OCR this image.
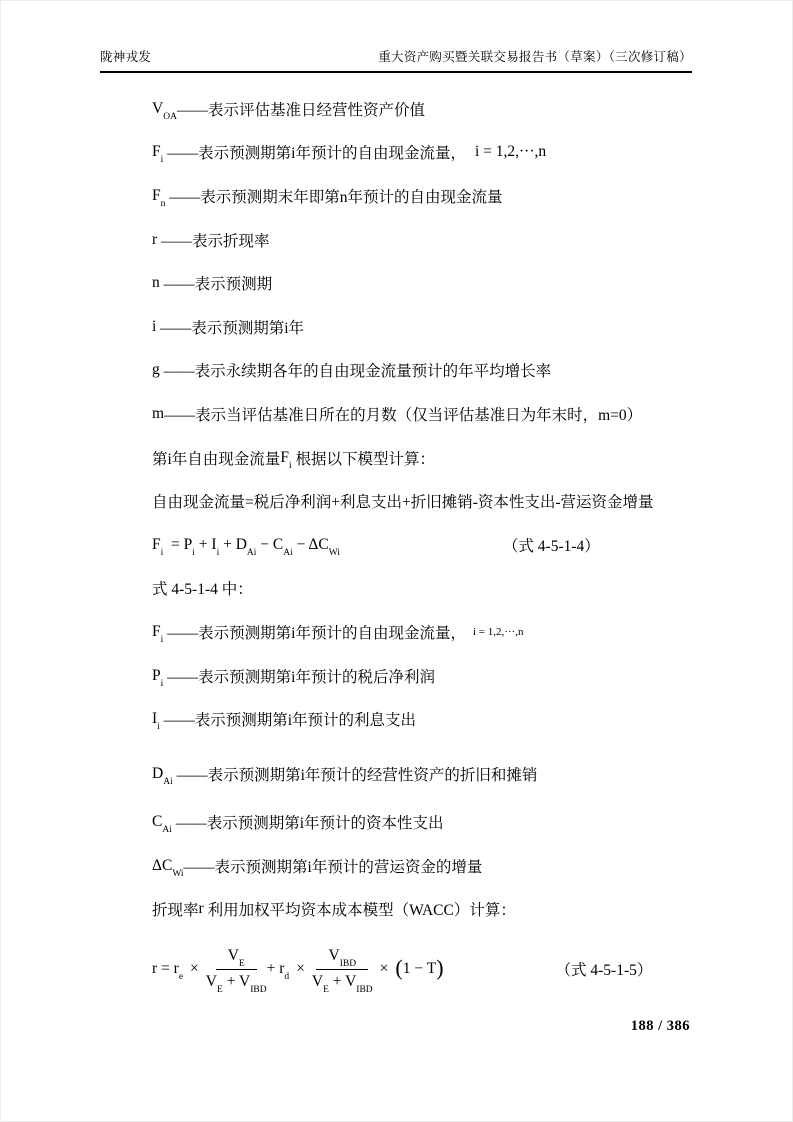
陇神戎发	重大资产购买暨关联交易报告书（草案）（三次修订稿）
$V_{OA}$ ——表示评估基准日经营性资产价值
$F_i$ ——表示预测期第i年预计的自由现金流量， i = 1,2,···,n
$F_n$ ——表示预测期末年即第n年预计的自由现金流量
r ——表示折现率
n ——表示预测期
i ——表示预测期第i年
g ——表示永续期各年的自由现金流量预计的年平均增长率
m ——表示当评估基准日所在的月数（仅当评估基准日为年末时，m=0）
第i年自由现金流量 $F_i$ 根据以下模型计算：
自由现金流量=税后净利润+利息支出+折旧摊销-资本性支出-营运资金增量
$F_i$
= $P_i$
+ $I_i$
+ $D_{Ai}$
− $C_{Ai}$
− $\Delta C_{Wi}$	（式 4-5-1-4）
式 4-5-1-4 中：
$F_i$ ——表示预测期第i年预计的自由现金流量， i = 1,2,···,n
$P_i$ ——表示预测期第i年预计的税后净利润
$I_i$ ——表示预测期第i年预计的利息支出
$D_{Ai}$ ——表示预测期第i年预计的经营性资产的折旧和摊销
$C_{Ai}$ ——表示预测期第i年预计的资本性支出
$\Delta C_{Wi}$ ——表示预测期第i年预计的营运资金的增量
折现率 r 利用加权平均资本成本模型（WACC）计算：
$r = r_e$
× $\frac{V_E}{V_E + V_{IBD}} + r_d$
× $\frac{V_{IBD}}{V_E + V_{IBD}}$ × ( 1 − T )	（式 4-5-1-5）
188 / 386
